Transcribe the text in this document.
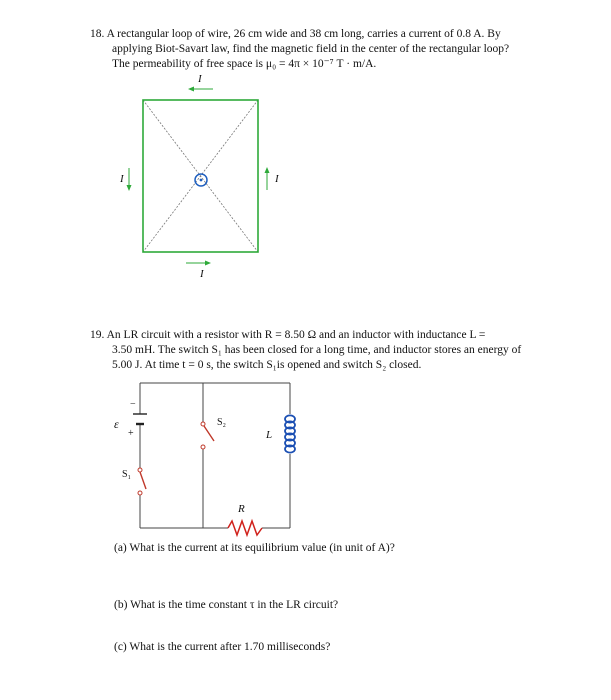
18. A rectangular loop of wire, 26 cm wide and 38 cm long, carries a current of 0.8 A. By
applying Biot-Savart law, find the magnetic field in the center of the rectangular loop?
The permeability of free space is μ₀ = 4π × 10⁻⁷ T · m/A.
I
I
I	I
19. An LR circuit with a resistor with R = 8.50 Ω and an inductor with inductance L =
3.50 mH. The switch S₁ has been closed for a long time, and inductor stores an energy of
5.00 J. At time t = 0 s, the switch S₁is opened and switch S₂ closed.
ε
−
+
S₁
S₂
L
R
(a) What is the current at its equilibrium value (in unit of A)?
(b) What is the time constant τ in the LR circuit?
(c) What is the current after 1.70 milliseconds?
